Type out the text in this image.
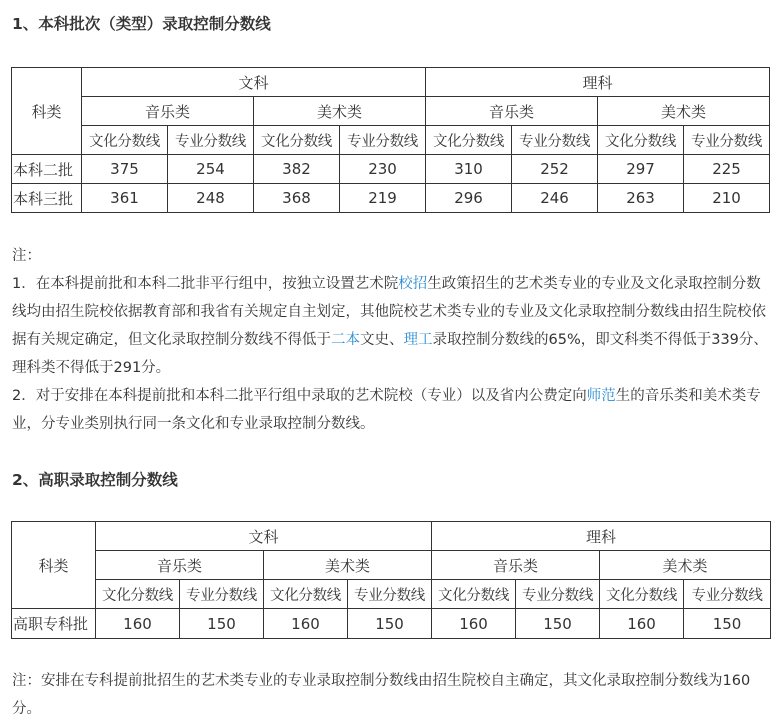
1、本科批次（类型）录取控制分数线
科类	文科				理科			
	音乐类		美术类		音乐类		美术类	
	文化分数线	专业分数线	文化分数线	专业分数线	文化分数线	专业分数线	文化分数线	专业分数线
本科二批	375	254	382	230	310	252	297	225
本科三批	361	248	368	219	296	246	263	210

注：

1．在本科提前批和本科二批非平行组中，按独立设置艺术院校招生政策招生的艺术类专业的专业及文化录取控制分数线均由招生院校依据教育部和我省有关规定自主划定，其他院校艺术类专业的专业及文化录取控制分数线由招生院校依据有关规定确定，但文化录取控制分数线不得低于二本文史、理工录取控制分数线的65%，即文科类不得低于339分、理科类不得低于291分。

2．对于安排在本科提前批和本科二批平行组中录取的艺术院校（专业）以及省内公费定向师范生的音乐类和美术类专业，分专业类别执行同一条文化和专业录取控制分数线。

2、高职录取控制分数线
科类	文科				理科			
	音乐类		美术类		音乐类		美术类	
	文化分数线	专业分数线	文化分数线	专业分数线	文化分数线	专业分数线	文化分数线	专业分数线
高职专科批	160	150	160	150	160	150	160	150

注：安排在专科提前批招生的艺术类专业的专业录取控制分数线由招生院校自主确定，其文化录取控制分数线为160分。
